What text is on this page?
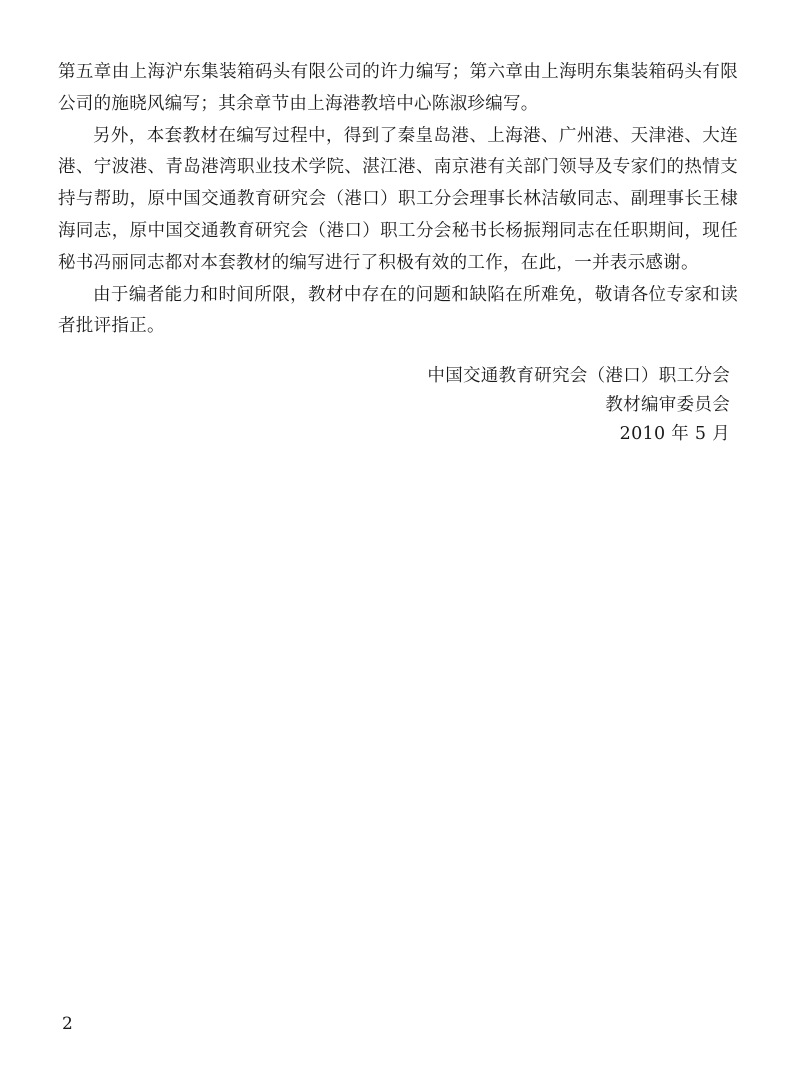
第五章由上海沪东集装箱码头有限公司的许力编写；第六章由上海明东集装箱码头有限公司的施晓风编写；其余章节由上海港教培中心陈淑珍编写。

另外，本套教材在编写过程中，得到了秦皇岛港、上海港、广州港、天津港、大连港、宁波港、青岛港湾职业技术学院、湛江港、南京港有关部门领导及专家们的热情支持与帮助，原中国交通教育研究会（港口）职工分会理事长林洁敏同志、副理事长王棣海同志，原中国交通教育研究会（港口）职工分会秘书长杨振翔同志在任职期间，现任秘书冯丽同志都对本套教材的编写进行了积极有效的工作，在此，一并表示感谢。

由于编者能力和时间所限，教材中存在的问题和缺陷在所难免，敬请各位专家和读者批评指正。

中国交通教育研究会（港口）职工分会
教材编审委员会
2010 年 5 月
2
